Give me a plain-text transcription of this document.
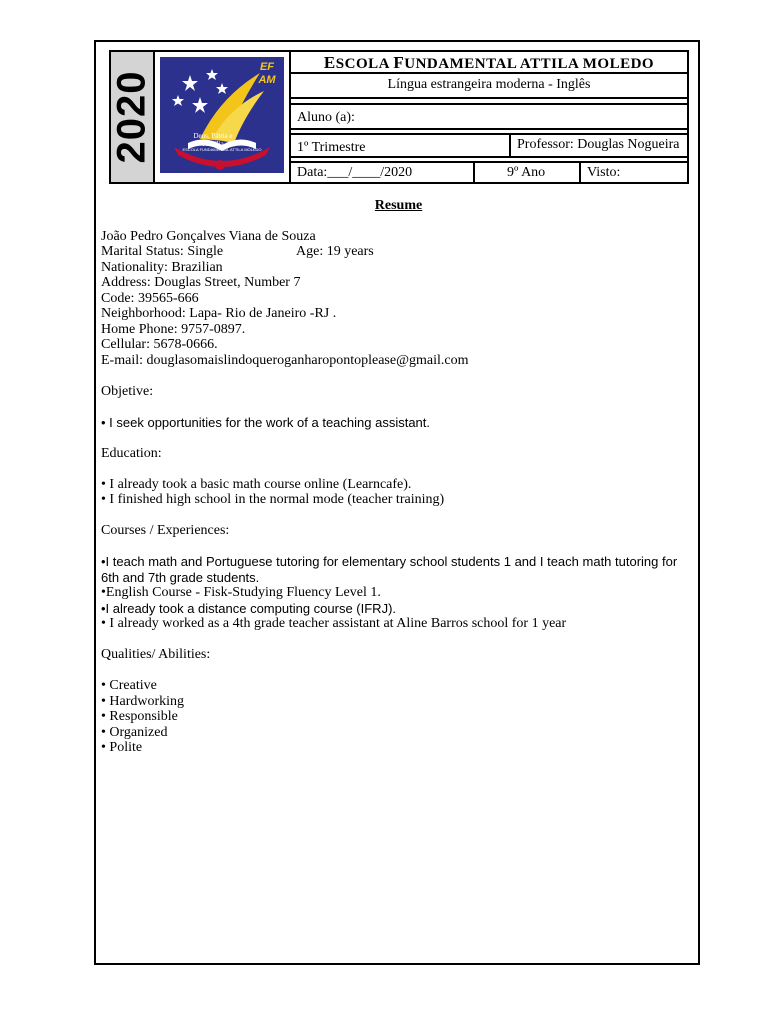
2020
EFAM
Deus, Pátria e Família
ESCOLA FUNDAMENTAL ATTILA MOLEDO
ESCOLA FUNDAMENTAL ATTILA MOLEDO
Língua estrangeira moderna - Inglês
Aluno (a):
1º Trimestre	Professor: Douglas Nogueira
Data:___/____/2020	9º Ano	Visto:
Resume
João Pedro Gonçalves Viana de Souza
Marital Status: Single	Age: 19 years
Nationality: Brazilian
Address: Douglas Street, Number 7
Code: 39565-666
Neighborhood: Lapa- Rio de Janeiro -RJ .
Home Phone: 9757-0897.
Cellular: 5678-0666.
E-mail: douglasomaislindoqueroganharopontoplease@gmail.com
Objetive:
• I seek opportunities for the work of a teaching assistant.
Education:
• I already took a basic math course online (Learncafe).
• I finished high school in the normal mode (teacher training)
Courses / Experiences:
•I teach math and Portuguese tutoring for elementary school students 1 and I teach math tutoring for 6th and 7th grade students.
•English Course - Fisk-Studying Fluency Level 1.
•I already took a distance computing course (IFRJ).
• I already worked as a 4th grade teacher assistant at Aline Barros school for 1 year
Qualities/ Abilities:
• Creative
• Hardworking
• Responsible
• Organized
• Polite
